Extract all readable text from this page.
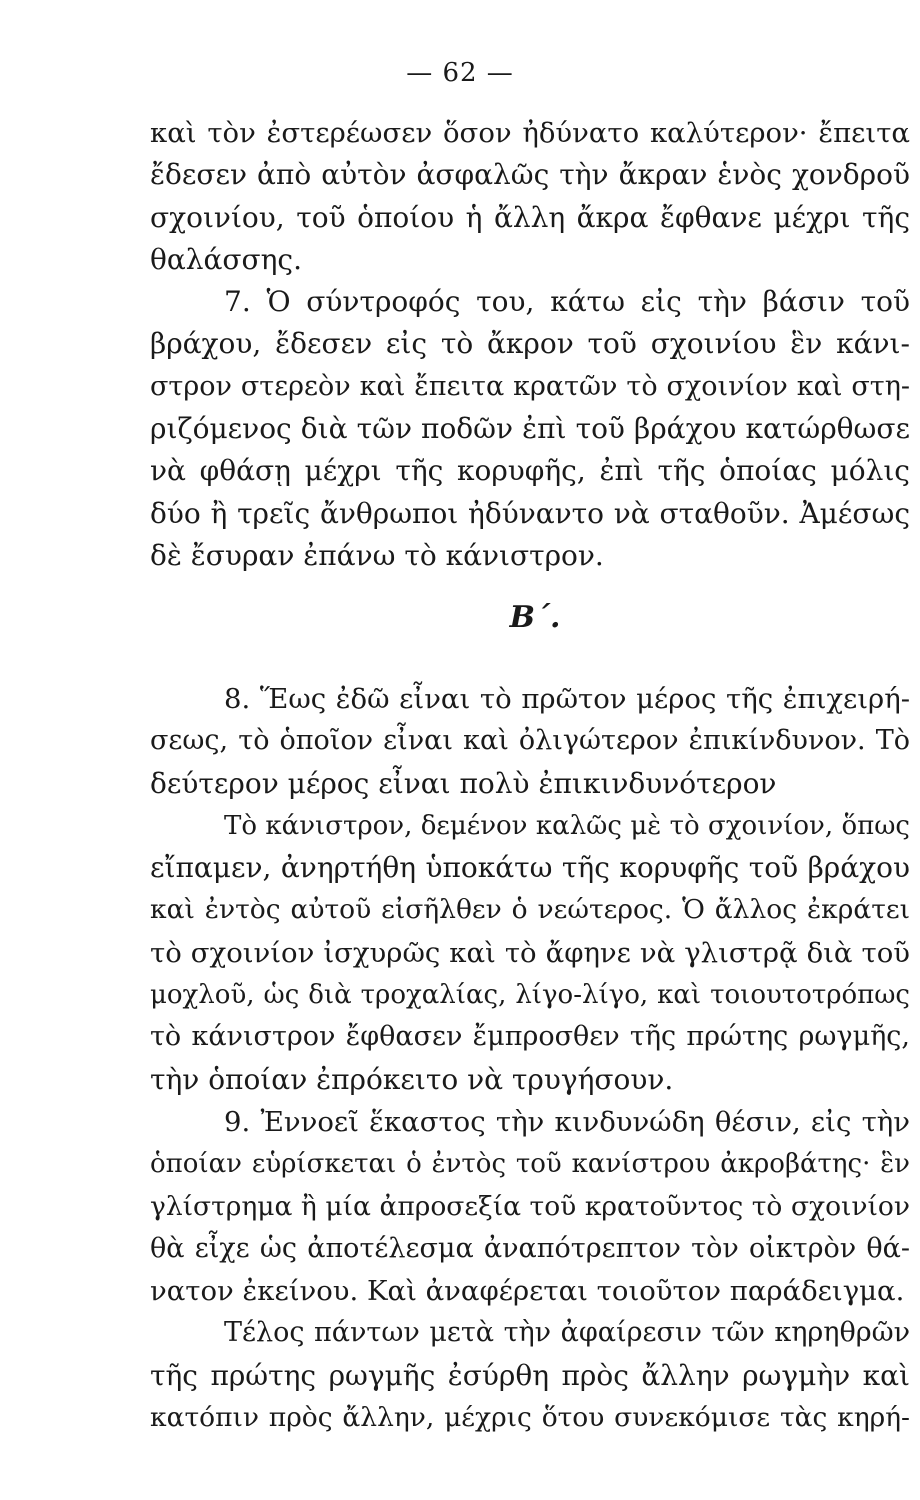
— 62 —
καὶ τὸν ἐστερέωσεν ὅσον ἠδύνατο καλύτερον· ἔπειτα
ἔδεσεν ἀπὸ αὐτὸν ἀσφαλῶς τὴν ἄκραν ἑνὸς χονδροῦ
σχοινίου, τοῦ ὁποίου ἡ ἄλλη ἄκρα ἔφθανε μέχρι τῆς
θαλάσσης.
7. Ὁ σύντροφός του, κάτω εἰς τὴν βάσιν τοῦ
βράχου, ἔδεσεν εἰς τὸ ἄκρον τοῦ σχοινίου ἓν κάνι-
στρον στερεὸν καὶ ἔπειτα κρατῶν τὸ σχοινίον καὶ στη-
ριζόμενος διὰ τῶν ποδῶν ἐπὶ τοῦ βράχου κατώρθωσε
νὰ φθάσῃ μέχρι τῆς κορυφῆς, ἐπὶ τῆς ὁποίας μόλις
δύο ἢ τρεῖς ἄνθρωποι ἠδύναντο νὰ σταθοῦν. Ἀμέσως
δὲ ἔσυραν ἐπάνω τὸ κάνιστρον.
Β΄.
8. Ἕως ἐδῶ εἶναι τὸ πρῶτον μέρος τῆς ἐπιχειρή-
σεως, τὸ ὁποῖον εἶναι καὶ ὀλιγώτερον ἐπικίνδυνον. Τὸ
δεύτερον μέρος εἶναι πολὺ ἐπικινδυνότερον
Τὸ κάνιστρον, δεμένον καλῶς μὲ τὸ σχοινίον, ὅπως
εἴπαμεν, ἀνηρτήθη ὑποκάτω τῆς κορυφῆς τοῦ βράχου
καὶ ἐντὸς αὐτοῦ εἰσῆλθεν ὁ νεώτερος. Ὁ ἄλλος ἐκράτει
τὸ σχοινίον ἰσχυρῶς καὶ τὸ ἄφηνε νὰ γλιστρᾷ διὰ τοῦ
μοχλοῦ, ὡς διὰ τροχαλίας, λίγο-λίγο, καὶ τοιουτοτρόπως
τὸ κάνιστρον ἔφθασεν ἔμπροσθεν τῆς πρώτης ρωγμῆς,
τὴν ὁποίαν ἐπρόκειτο νὰ τρυγήσουν.
9. Ἐννοεῖ ἕκαστος τὴν κινδυνώδη θέσιν, εἰς τὴν
ὁποίαν εὑρίσκεται ὁ ἐντὸς τοῦ κανίστρου ἀκροβάτης· ἓν
γλίστρημα ἢ μία ἀπροσεξία τοῦ κρατοῦντος τὸ σχοινίον
θὰ εἶχε ὡς ἀποτέλεσμα ἀναπότρεπτον τὸν οἰκτρὸν θά-
νατον ἐκείνου. Καὶ ἀναφέρεται τοιοῦτον παράδειγμα.
Τέλος πάντων μετὰ τὴν ἀφαίρεσιν τῶν κηρηθρῶν
τῆς πρώτης ρωγμῆς ἐσύρθη πρὸς ἄλλην ρωγμὴν καὶ
κατόπιν πρὸς ἄλλην, μέχρις ὅτου συνεκόμισε τὰς κηρή-
